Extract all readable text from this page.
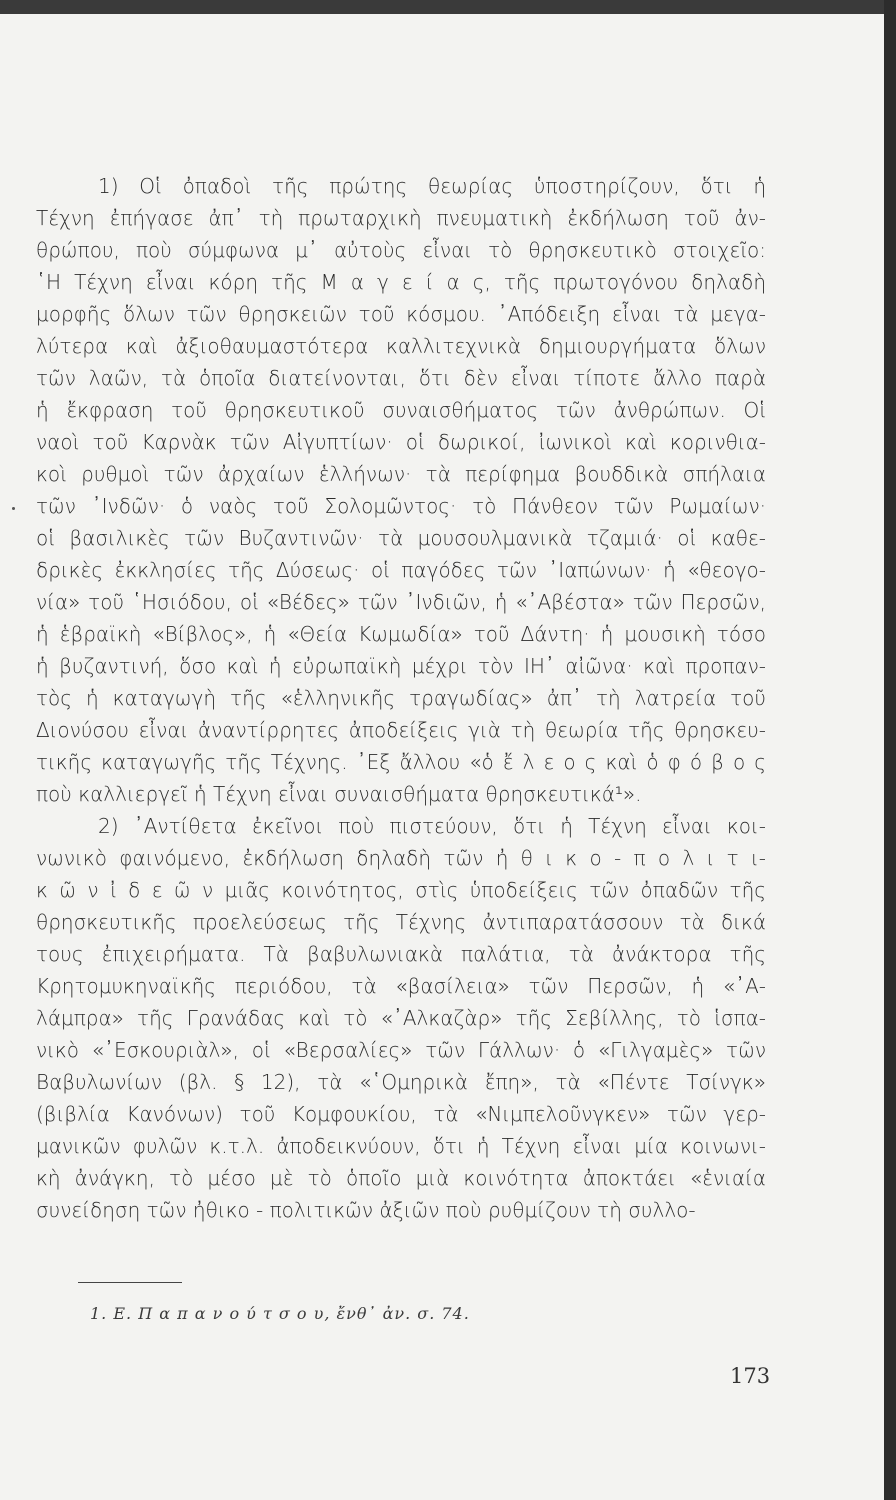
1) Οἱ ὀπαδοὶ τῆς πρώτης θεωρίας ὑποστηρίζουν, ὅτι ἡ
Τέχνη ἐπήγασε ἀπ᾽ τὴ πρωταρχικὴ πνευματικὴ ἐκδήλωση τοῦ ἀν-
θρώπου, ποὺ σύμφωνα μ᾽ αὐτοὺς εἶναι τὸ θρησκευτικὸ στοιχεῖο:
῾Η Τέχνη εἶναι κόρη τῆς Μ α γ ε ί α ς, τῆς πρωτογόνου δηλαδὴ
μορφῆς ὅλων τῶν θρησκειῶν τοῦ κόσμου. ᾽Απόδειξη εἶναι τὰ μεγα-
λύτερα καὶ ἀξιοθαυμαστότερα καλλιτεχνικὰ δημιουργήματα ὅλων
τῶν λαῶν, τὰ ὁποῖα διατείνονται, ὅτι δὲν εἶναι τίποτε ἄλλο παρὰ
ἡ ἔκφραση τοῦ θρησκευτικοῦ συναισθήματος τῶν ἀνθρώπων. Οἱ
ναοὶ τοῦ Καρνὰκ τῶν Αἰγυπτίων· οἱ δωρικοί, ἰωνικοὶ καὶ κορινθια-
κοὶ ρυθμοὶ τῶν ἀρχαίων ἑλλήνων· τὰ περίφημα βουδδικὰ σπήλαια
τῶν ᾽Ινδῶν· ὁ ναὸς τοῦ Σολομῶντος· τὸ Πάνθεον τῶν Ρωμαίων·
οἱ βασιλικὲς τῶν Βυζαντινῶν· τὰ μουσουλμανικὰ τζαμιά· οἱ καθε-
δρικὲς ἐκκλησίες τῆς Δύσεως· οἱ παγόδες τῶν ᾽Ιαπώνων· ἡ «θεογο-
νία» τοῦ ῾Ησιόδου, οἱ «Βέδες» τῶν ᾽Ινδιῶν, ἡ «᾽Αβέστα» τῶν Περσῶν,
ἡ ἑβραϊκὴ «Βίβλος», ἡ «Θεία Κωμωδία» τοῦ Δάντη· ἡ μουσικὴ τόσο
ἡ βυζαντινή, ὅσο καὶ ἡ εὐρωπαϊκὴ μέχρι τὸν ΙΗ᾽ αἰῶνα· καὶ προπαν-
τὸς ἡ καταγωγὴ τῆς «ἑλληνικῆς τραγωδίας» ἀπ᾽ τὴ λατρεία τοῦ
Διονύσου εἶναι ἀναντίρρητες ἀποδείξεις γιὰ τὴ θεωρία τῆς θρησκευ-
τικῆς καταγωγῆς τῆς Τέχνης. ᾽Εξ ἄλλου «ὁ ἔ λ ε ο ς καὶ ὁ φ ό β ο ς
ποὺ καλλιεργεῖ ἡ Τέχνη εἶναι συναισθήματα θρησκευτικά¹».
2) ᾽Αντίθετα ἐκεῖνοι ποὺ πιστεύουν, ὅτι ἡ Τέχνη εἶναι κοι-
νωνικὸ φαινόμενο, ἐκδήλωση δηλαδὴ τῶν ἠ θ ι κ ο - π ο λ ι τ ι-
κ ῶ ν ἰ δ ε ῶ ν μιᾶς κοινότητος, στὶς ὑποδείξεις τῶν ὀπαδῶν τῆς
θρησκευτικῆς προελεύσεως τῆς Τέχνης ἀντιπαρατάσσουν τὰ δικά
τους ἐπιχειρήματα. Τὰ βαβυλωνιακὰ παλάτια, τὰ ἀνάκτορα τῆς
Κρητομυκηναϊκῆς περιόδου, τὰ «βασίλεια» τῶν Περσῶν, ἡ «᾽Α-
λάμπρα» τῆς Γρανάδας καὶ τὸ «᾽Αλκαζὰρ» τῆς Σεβίλλης, τὸ ἱσπα-
νικὸ «᾽Εσκουριὰλ», οἱ «Βερσαλίες» τῶν Γάλλων· ὁ «Γιλγαμὲς» τῶν
Βαβυλωνίων (βλ. § 12), τὰ «῾Ομηρικὰ ἔπη», τὰ «Πέντε Τσίνγκ»
(βιβλία Κανόνων) τοῦ Κομφουκίου, τὰ «Νιμπελοῦνγκεν» τῶν γερ-
μανικῶν φυλῶν κ.τ.λ. ἀποδεικνύουν, ὅτι ἡ Τέχνη εἶναι μία κοινωνι-
κὴ ἀνάγκη, τὸ μέσο μὲ τὸ ὁποῖο μιὰ κοινότητα ἀποκτάει «ἑνιαία
συνείδηση τῶν ἠθικο - πολιτικῶν ἀξιῶν ποὺ ρυθμίζουν τὴ συλλο-
1. Ε. Π α π α ν ο ύ τ σ ο υ, ἔνθ᾽ ἀν. σ. 74.
173
